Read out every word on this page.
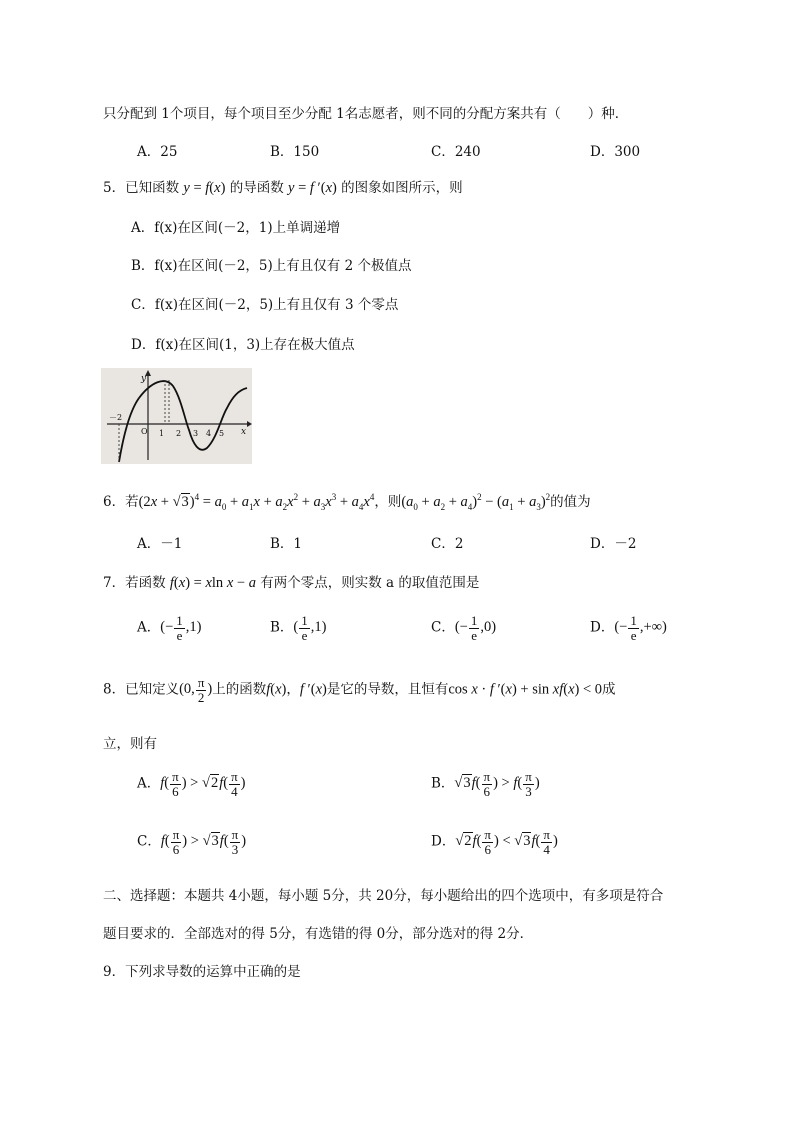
只分配到 1个项目，每个项目至少分配 1名志愿者，则不同的分配方案共有（　　）种．
A．25	B．150	C．240	D．300
5．已知函数 y = f(x) 的导函数 y = f ′(x) 的图象如图所示，则
A．f(x)在区间(－2，1)上单调递增
B．f(x)在区间(－2，5)上有且仅有 2 个极值点
C．f(x)在区间(－2，5)上有且仅有 3 个零点
D．f(x)在区间(1，3)上存在极大值点
y
x
O
－2
1 2 3 4 5
6．若$(2x + √3)^4 = a_0 + a_1x + a_2x^2 + a_3x^3 + a_4x^4$，则$(a_0 + a_2 + a_4)^2 - (a_1 + a_3)^2$的值为
A．－1	B．1	C．2	D．－2
7．若函数 f(x) = xln x − a 有两个零点，则实数 a 的取值范围是
A．(− $\frac{1}{e} ,1$)	B．( $\frac{1}{e} ,1$)	C．(− $\frac{1}{e} ,0$)	D．(− $\frac{1}{e}$ ,+∞)
8．已知定义(0, $\frac{\pi}{2}$ )上的函数f(x)，f ′(x)是它的导数，且恒有cos x · f ′(x) + sin xf(x) < 0成
立，则有
A．$f( \frac{\pi}{6}$ ) > $√2f( \frac{\pi}{4}$ )	B．$√3f( \frac{\pi}{6}$ ) > $f( \frac{\pi}{3}$ )
C．$f( \frac{\pi}{6}$ ) > $√3f( \frac{\pi}{3}$ )	D．$√2f( \frac{\pi}{6}$ ) < $√3f( \frac{\pi}{4}$ )
二、选择题：本题共 4小题，每小题 5分，共 20分，每小题给出的四个选项中，有多项是符合
题目要求的．全部选对的得 5分，有选错的得 0分，部分选对的得 2分．
9．下列求导数的运算中正确的是
